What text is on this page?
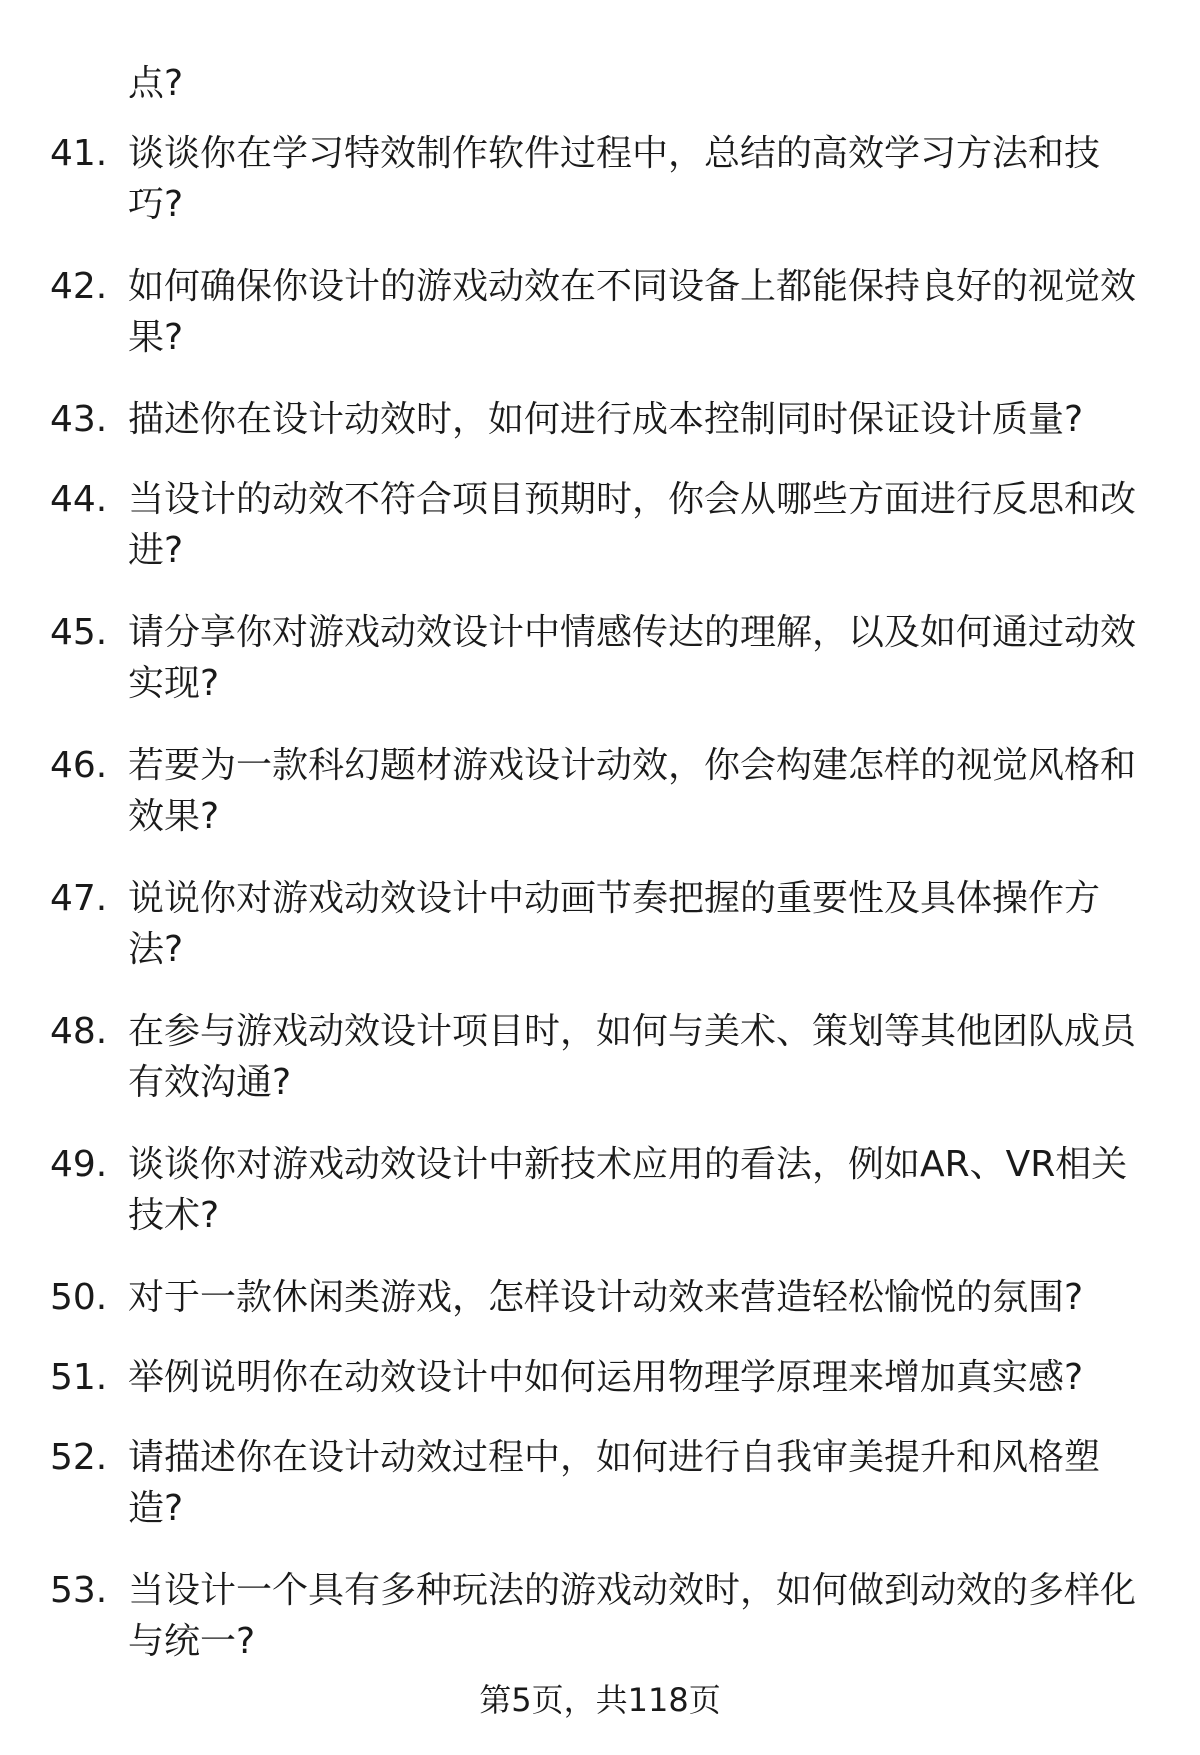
点?
41. 谈谈你在学习特效制作软件过程中，总结的高效学习方法和技巧?
42. 如何确保你设计的游戏动效在不同设备上都能保持良好的视觉效果?
43. 描述你在设计动效时，如何进行成本控制同时保证设计质量?
44. 当设计的动效不符合项目预期时，你会从哪些方面进行反思和改进?
45. 请分享你对游戏动效设计中情感传达的理解，以及如何通过动效实现?
46. 若要为一款科幻题材游戏设计动效，你会构建怎样的视觉风格和效果?
47. 说说你对游戏动效设计中动画节奏把握的重要性及具体操作方法?
48. 在参与游戏动效设计项目时，如何与美术、策划等其他团队成员有效沟通?
49. 谈谈你对游戏动效设计中新技术应用的看法，例如AR、VR相关技术?
50. 对于一款休闲类游戏，怎样设计动效来营造轻松愉悦的氛围?
51. 举例说明你在动效设计中如何运用物理学原理来增加真实感?
52. 请描述你在设计动效过程中，如何进行自我审美提升和风格塑造?
53. 当设计一个具有多种玩法的游戏动效时，如何做到动效的多样化与统一?
第5页，共118页
